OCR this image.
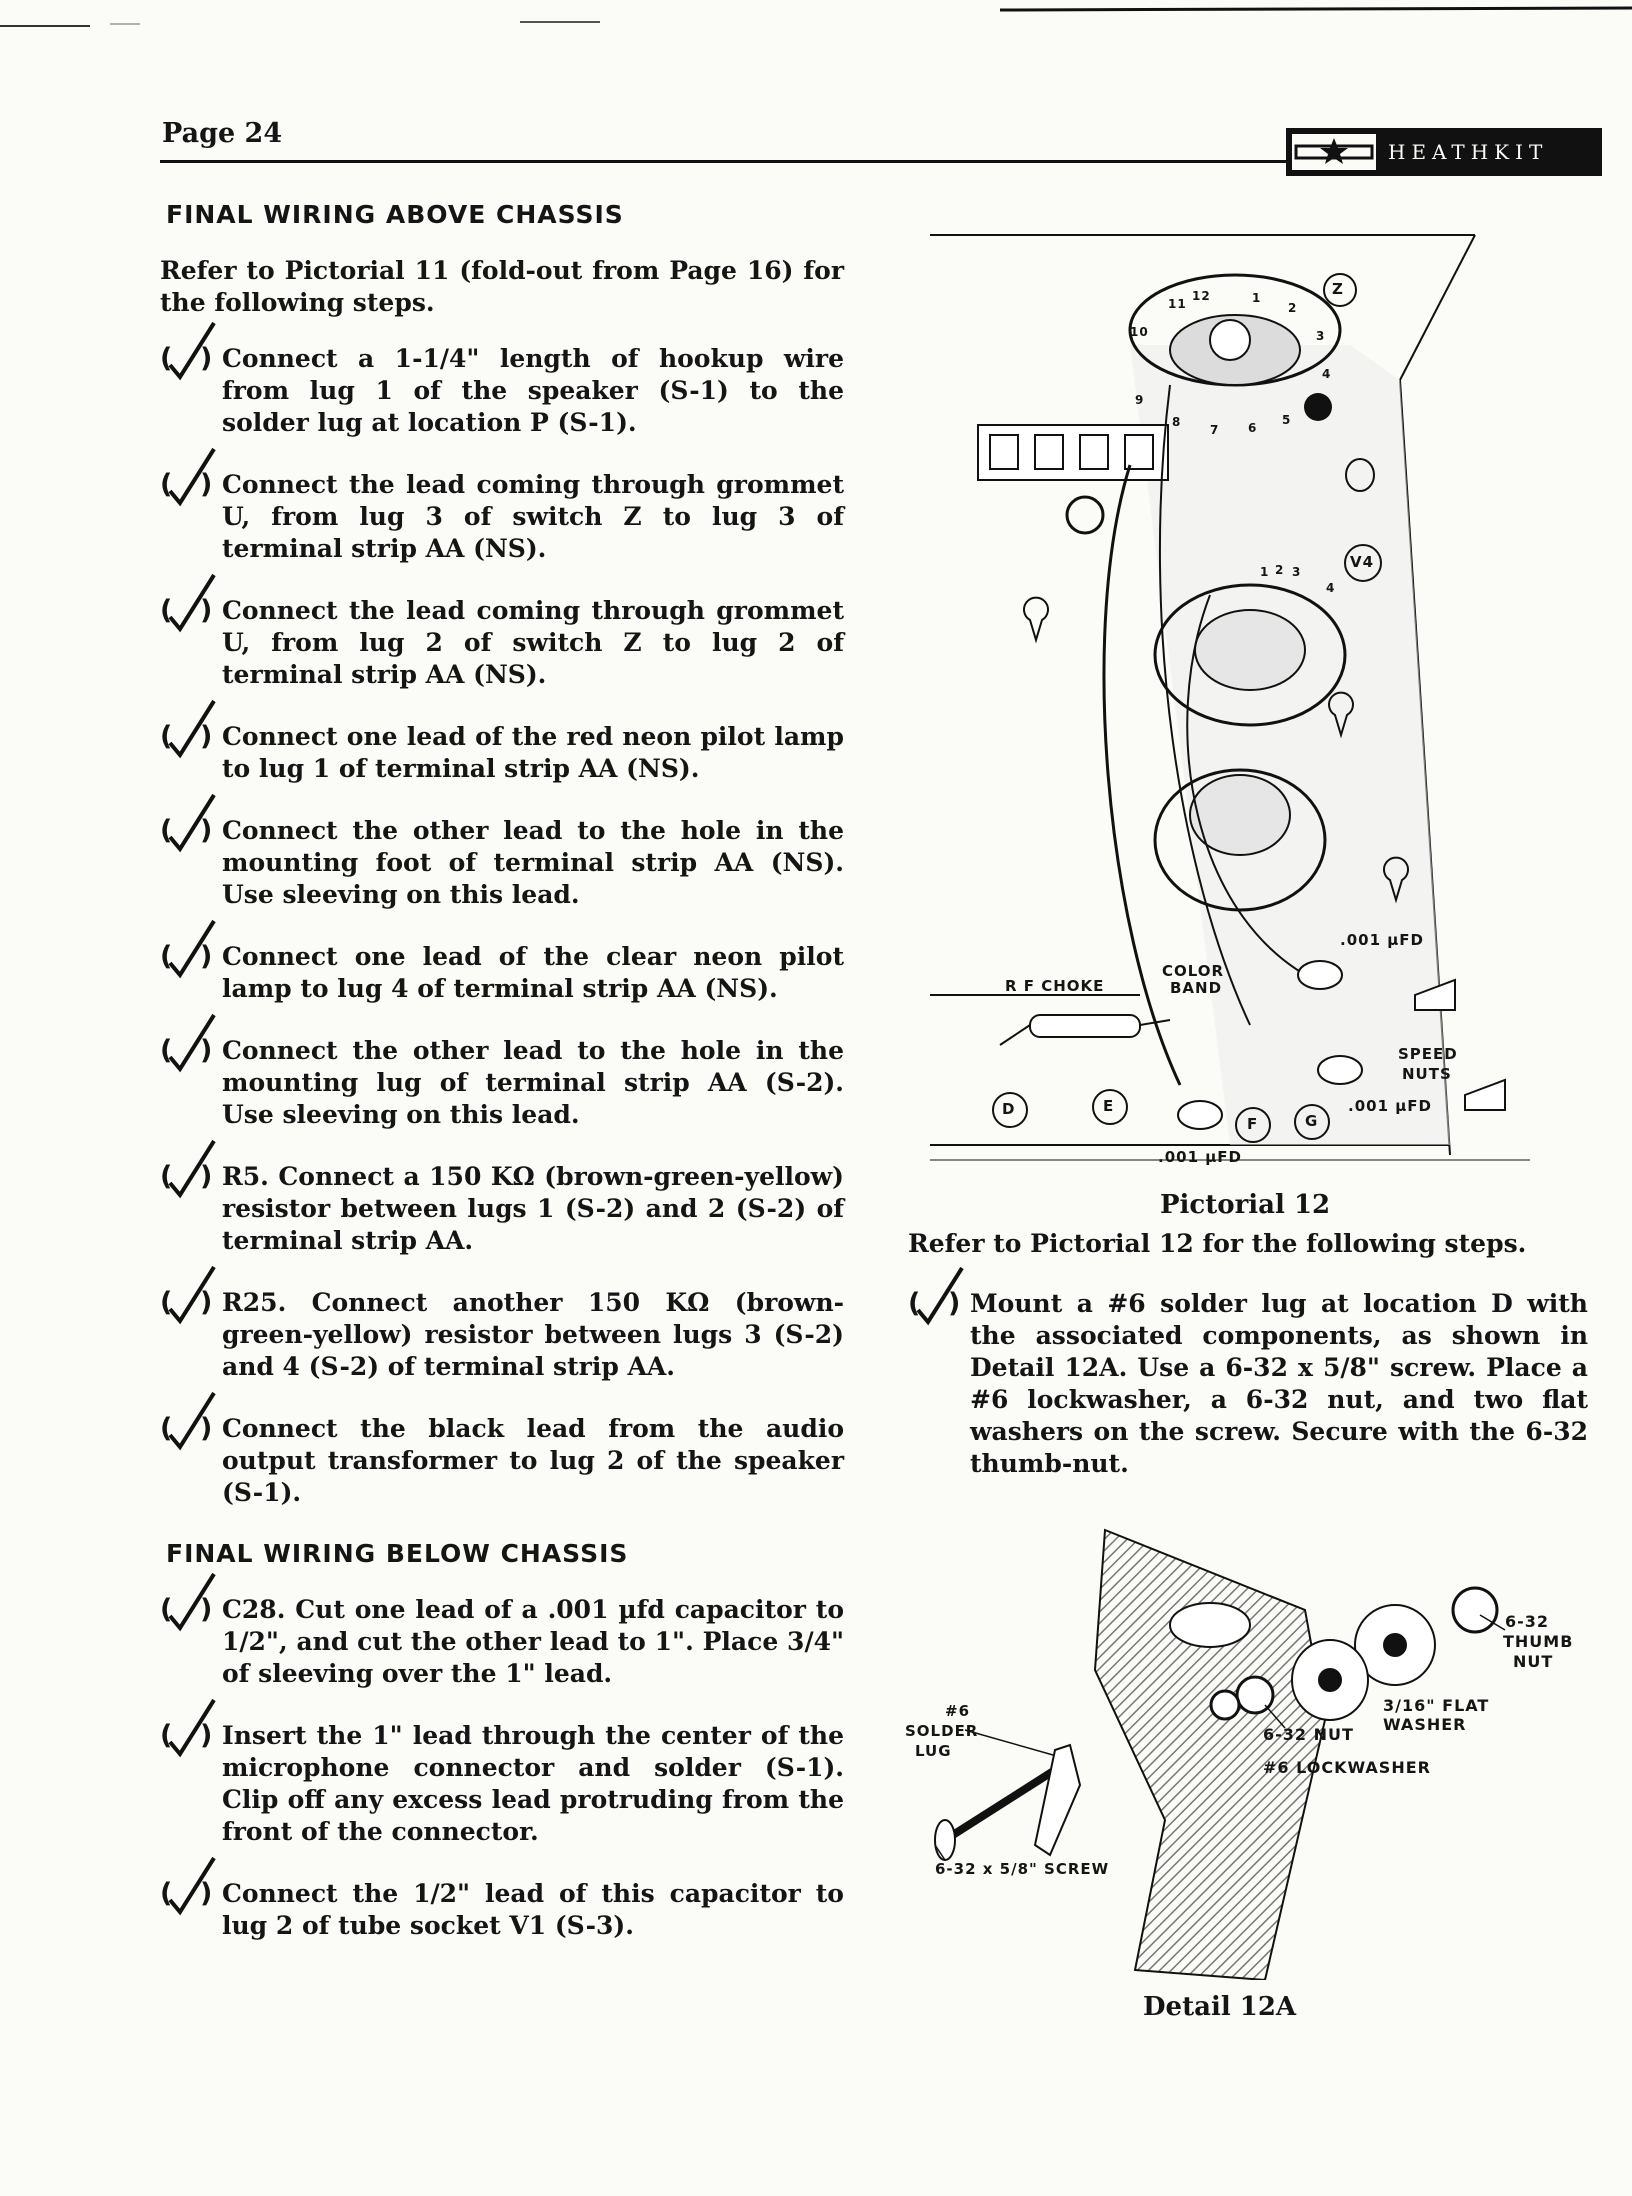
Page 24
HEATHKIT
FINAL WIRING ABOVE CHASSIS
Refer to Pictorial 11 (fold-out from Page 16) for the following steps.
( ) Connect a 1-1/4" length of hookup wire from lug 1 of the speaker (S-1) to the solder lug at location P (S-1).
( ) Connect the lead coming through grommet U, from lug 3 of switch Z to lug 3 of terminal strip AA (NS).
( ) Connect the lead coming through grommet U, from lug 2 of switch Z to lug 2 of terminal strip AA (NS).
( ) Connect one lead of the red neon pilot lamp to lug 1 of terminal strip AA (NS).
( ) Connect the other lead to the hole in the mounting foot of terminal strip AA (NS). Use sleeving on this lead.
( ) Connect one lead of the clear neon pilot lamp to lug 4 of terminal strip AA (NS).
( ) Connect the other lead to the hole in the mounting lug of terminal strip AA (S-2). Use sleeving on this lead.
( ) R5. Connect a 150 KΩ (brown-green-yellow) resistor between lugs 1 (S-2) and 2 (S-2) of terminal strip AA.
( ) R25. Connect another 150 KΩ (brown-green-yellow) resistor between lugs 3 (S-2) and 4 (S-2) of terminal strip AA.
( ) Connect the black lead from the audio output transformer to lug 2 of the speaker (S-1).
FINAL WIRING BELOW CHASSIS
( ) C28. Cut one lead of a .001 µfd capacitor to 1/2", and cut the other lead to 1". Place 3/4" of sleeving over the 1" lead.
( ) Insert the 1" lead through the center of the microphone connector and solder (S-1). Clip off any excess lead protruding from the front of the connector.
( ) Connect the 1/2" lead of this capacitor to lug 2 of tube socket V1 (S-3).
Z
V4
D	E
F	G
R F CHOKE
COLOR
BAND
SPEED
NUTS
.001 µFD
.001 µFD
.001 µFD
11
12	1
2
10	3
4
9
8
7 6
5
1 2 3
4
Pictorial 12
Refer to Pictorial 12 for the following steps.
( ) Mount a #6 solder lug at location D with the associated components, as shown in Detail 12A. Use a 6-32 x 5/8" screw. Place a #6 lockwasher, a 6-32 nut, and two flat washers on the screw. Secure with the 6-32 thumb-nut.
6-32
THUMB
NUT
3/16" FLAT WASHER
6-32 NUT
#6 LOCKWASHER
#6
SOLDER
LUG
6-32 x 5/8" SCREW
Detail 12A
